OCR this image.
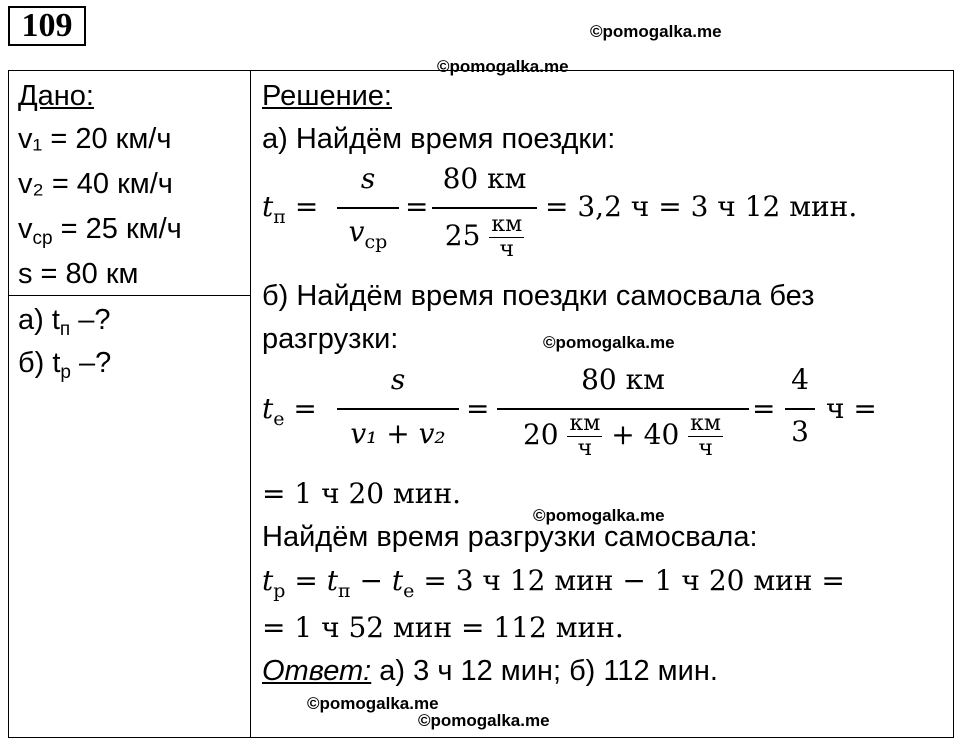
109	©pomogalka.me
©pomogalka.me
©pomogalka.me
©pomogalka.me
©pomogalka.me
©pomogalka.me
Дано:
v₁ = 20 км/ч
v₂ = 40 км/ч
$v_{ср} = 25$ км/ч
s = 80 км
а) $t_п$ –?
б) $t_р$ –?
Решение:
а) Найдём время поездки:
$t_п$ =
s
$v_{ср}$
=
80 км
25 км
ч
= 3,2 ч = 3 ч 12 мин.
б) Найдём время поездки самосвала без
разгрузки:
$t_е$ =
s
v₁ + v₂
=
80 км
20 км
ч + 40 км
ч
=
4
3
ч =
= 1 ч 20 мин.
Найдём время разгрузки самосвала:
$t_р = t_п - t_е = 3$ ч 12 мин − 1 ч 20 мин =
= 1 ч 52 мин = 112 мин.
Ответ: а) 3 ч 12 мин; б) 112 мин.
